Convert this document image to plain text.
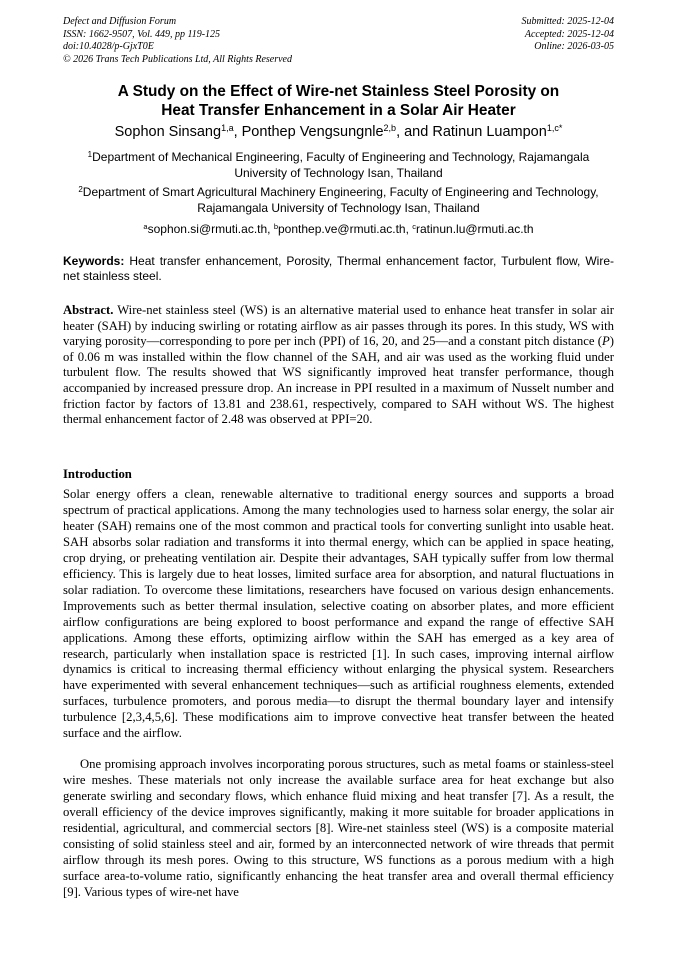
Defect and Diffusion Forum
ISSN: 1662-9507, Vol. 449, pp 119-125
doi:10.4028/p-GjxT0E
© 2026 Trans Tech Publications Ltd, All Rights Reserved
Submitted: 2025-12-04
Accepted: 2025-12-04
Online: 2026-03-05
A Study on the Effect of Wire-net Stainless Steel Porosity on
Heat Transfer Enhancement in a Solar Air Heater
Sophon Sinsang$^{1,a}$, Ponthep Vengsungnle$^{2,b}$, and Ratinun Luampon$^{1,c*}$
$^1$Department of Mechanical Engineering, Faculty of Engineering and Technology, Rajamangala
University of Technology Isan, Thailand
$^2$Department of Smart Agricultural Machinery Engineering, Faculty of Engineering and Technology,
Rajamangala University of Technology Isan, Thailand
$^a$sophon.si@rmuti.ac.th, $^b$ponthep.ve@rmuti.ac.th, $^c$ratinun.lu@rmuti.ac.th
Keywords: Heat transfer enhancement, Porosity, Thermal enhancement factor, Turbulent flow, Wire-net stainless steel.
Abstract. Wire-net stainless steel (WS) is an alternative material used to enhance heat transfer in solar air heater (SAH) by inducing swirling or rotating airflow as air passes through its pores. In this study, WS with varying porosity—corresponding to pore per inch (PPI) of 16, 20, and 25—and a constant pitch distance (P) of 0.06 m was installed within the flow channel of the SAH, and air was used as the working fluid under turbulent flow. The results showed that WS significantly improved heat transfer performance, though accompanied by increased pressure drop. An increase in PPI resulted in a maximum of Nusselt number and friction factor by factors of 13.81 and 238.61, respectively, compared to SAH without WS. The highest thermal enhancement factor of 2.48 was observed at PPI=20.
Introduction
Solar energy offers a clean, renewable alternative to traditional energy sources and supports a broad spectrum of practical applications. Among the many technologies used to harness solar energy, the solar air heater (SAH) remains one of the most common and practical tools for converting sunlight into usable heat. SAH absorbs solar radiation and transforms it into thermal energy, which can be applied in space heating, crop drying, or preheating ventilation air. Despite their advantages, SAH typically suffer from low thermal efficiency. This is largely due to heat losses, limited surface area for absorption, and natural fluctuations in solar radiation. To overcome these limitations, researchers have focused on various design enhancements. Improvements such as better thermal insulation, selective coating on absorber plates, and more efficient airflow configurations are being explored to boost performance and expand the range of effective SAH applications. Among these efforts, optimizing airflow within the SAH has emerged as a key area of research, particularly when installation space is restricted [1]. In such cases, improving internal airflow dynamics is critical to increasing thermal efficiency without enlarging the physical system. Researchers have experimented with several enhancement techniques—such as artificial roughness elements, extended surfaces, turbulence promoters, and porous media—to disrupt the thermal boundary layer and intensify turbulence [2,3,4,5,6]. These modifications aim to improve convective heat transfer between the heated surface and the airflow.
One promising approach involves incorporating porous structures, such as metal foams or stainless-steel wire meshes. These materials not only increase the available surface area for heat exchange but also generate swirling and secondary flows, which enhance fluid mixing and heat transfer [7]. As a result, the overall efficiency of the device improves significantly, making it more suitable for broader applications in residential, agricultural, and commercial sectors [8]. Wire-net stainless steel (WS) is a composite material consisting of solid stainless steel and air, formed by an interconnected network of wire threads that permit airflow through its mesh pores. Owing to this structure, WS functions as a porous medium with a high surface area-to-volume ratio, significantly enhancing the heat transfer area and overall thermal efficiency [9]. Various types of wire-net have
